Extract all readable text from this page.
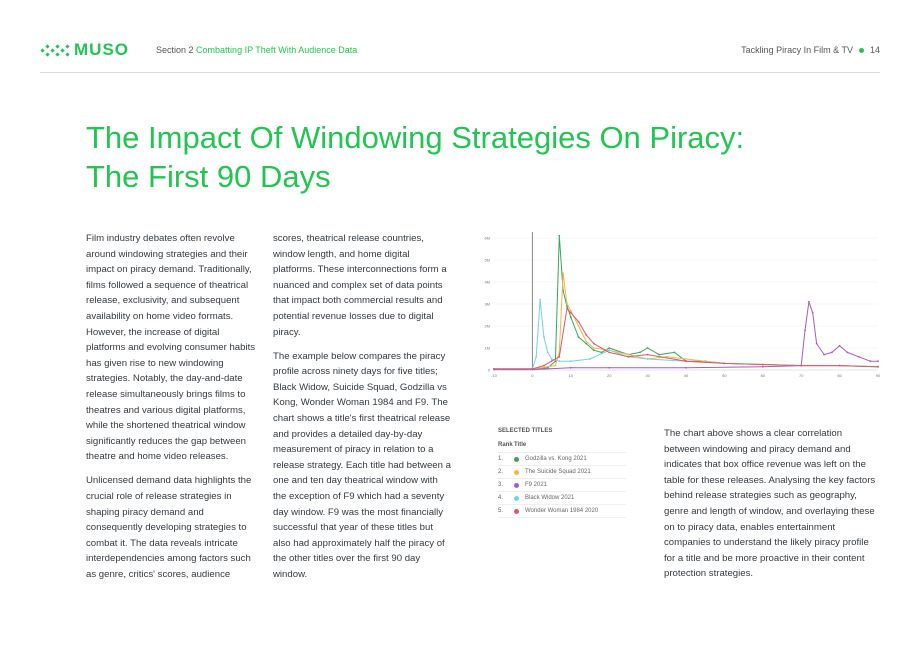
MUSO	Section 2 Combatting IP Theft With Audience Data	Tackling Piracy In Film & TV 14
The Impact Of Windowing Strategies On Piracy:
The First 90 Days

Film industry debates often revolve around windowing strategies and their impact on piracy demand. Traditionally, films followed a sequence of theatrical release, exclusivity, and subsequent availability on home video formats. However, the increase of digital platforms and evolving consumer habits has given rise to new windowing strategies. Notably, the day-and-date release simultaneously brings films to theatres and various digital platforms, while the shortened theatrical window significantly reduces the gap between theatre and home video releases.

Unlicensed demand data highlights the crucial role of release strategies in shaping piracy demand and consequently developing strategies to combat it. The data reveals intricate interdependencies among factors such as genre, critics' scores, audience

scores, theatrical release countries, window length, and home digital platforms. These interconnections form a nuanced and complex set of data points that impact both commercial results and potential revenue losses due to digital piracy.

The example below compares the piracy profile across ninety days for five titles; Black Widow, Suicide Squad, Godzilla vs Kong, Wonder Woman 1984 and F9. The chart shows a title's first theatrical release and provides a detailed day-by-day measurement of piracy in relation to a release strategy. Each title had between a one and ten day theatrical window with the exception of F9 which had a seventy day window. F9 was the most financially successful that year of these titles but also had approximately half the piracy of the other titles over the first 90 day window.

0
1M
2M
3M
4M
5M
6M
-10	0	10	20	30	40	50	60	70	80	90
SELECTED TITLES
Rank Title
1.	Godzilla vs. Kong 2021
2.	The Suicide Squad 2021
3.	F9 2021
4.	Black Widow 2021
5.	Wonder Woman 1984 2020

The chart above shows a clear correlation between windowing and piracy demand and indicates that box office revenue was left on the table for these releases. Analysing the key factors behind release strategies such as geography, genre and length of window, and overlaying these on to piracy data, enables entertainment companies to understand the likely piracy profile for a title and be more proactive in their content protection strategies.
